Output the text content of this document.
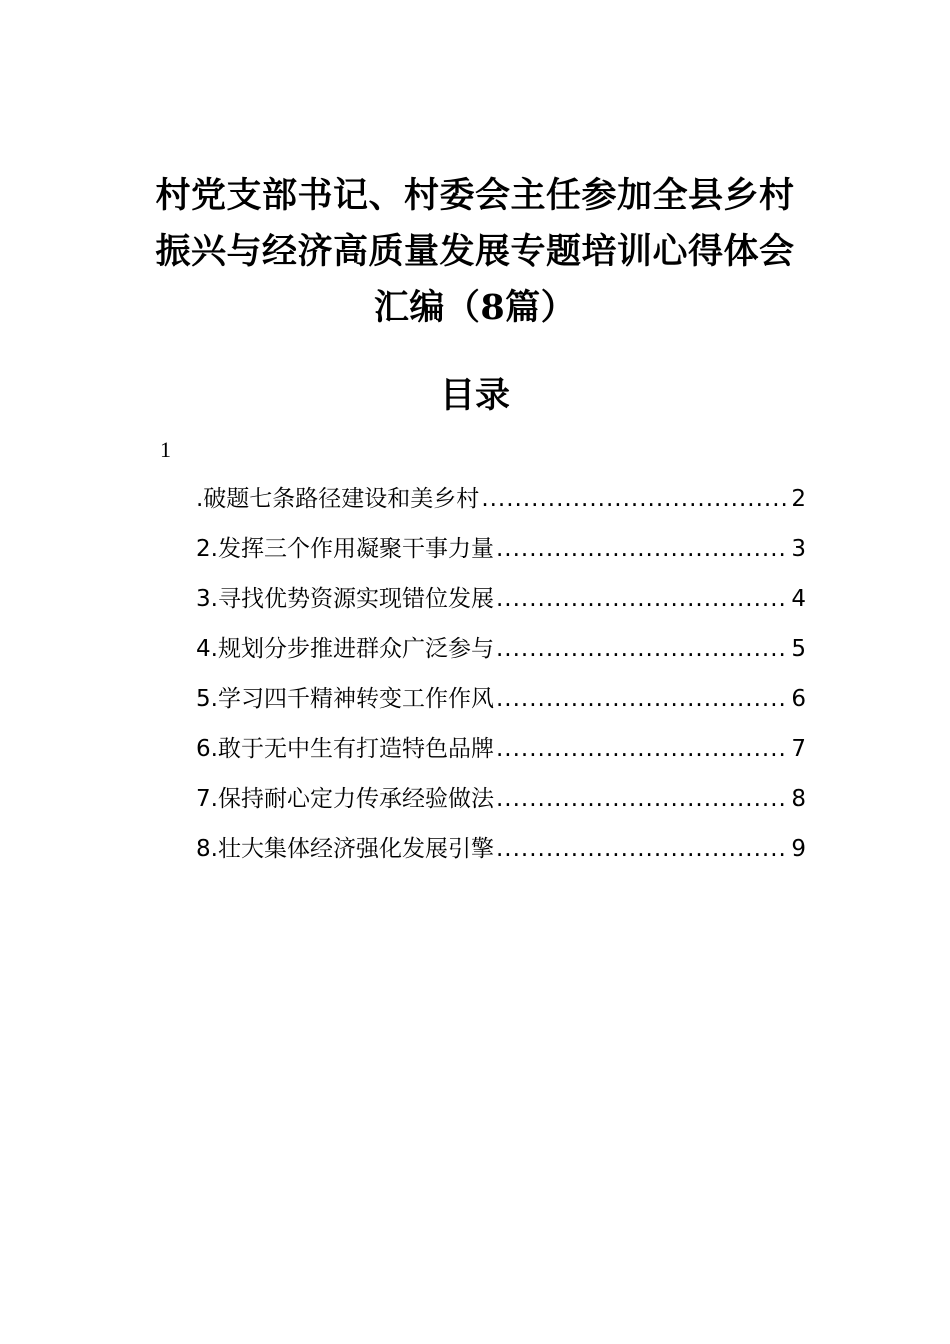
村党支部书记、村委会主任参加全县乡村
振兴与经济高质量发展专题培训心得体会
汇编（8篇）
目录
1
.破题七条路径建设和美乡村 .....	2
2.发挥三个作用凝聚干事力量 .....	3
3.寻找优势资源实现错位发展 .....	4
4.规划分步推进群众广泛参与 .....	5
5.学习四千精神转变工作作风 .....	6
6.敢于无中生有打造特色品牌 .....	7
7.保持耐心定力传承经验做法 .....	8
8.壮大集体经济强化发展引擎 .....	9
